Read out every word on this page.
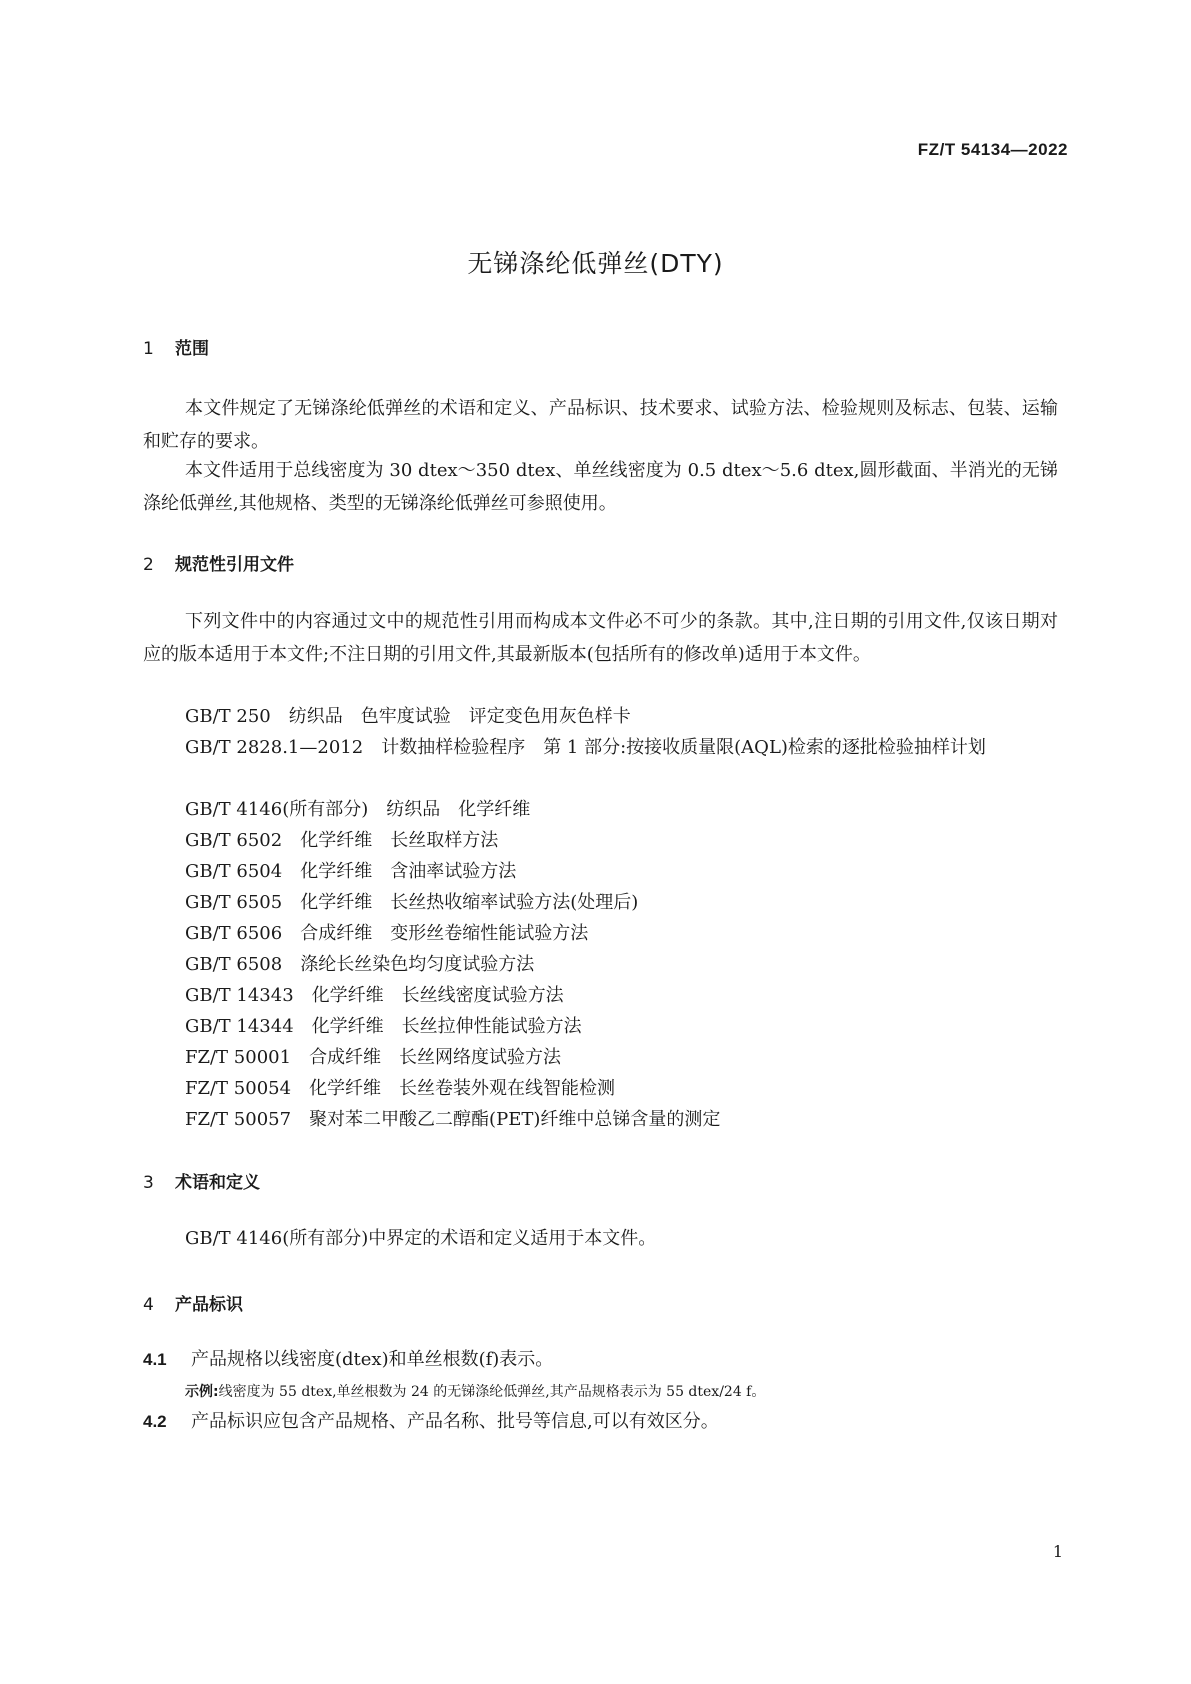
FZ/T 54134—2022
无锑涤纶低弹丝(DTY)
1 范围
本文件规定了无锑涤纶低弹丝的术语和定义、产品标识、技术要求、试验方法、检验规则及标志、包装、运输和贮存的要求。
本文件适用于总线密度为 30 dtex～350 dtex、单丝线密度为 0.5 dtex～5.6 dtex,圆形截面、半消光的无锑涤纶低弹丝,其他规格、类型的无锑涤纶低弹丝可参照使用。
2 规范性引用文件
下列文件中的内容通过文中的规范性引用而构成本文件必不可少的条款。其中,注日期的引用文件,仅该日期对应的版本适用于本文件;不注日期的引用文件,其最新版本(包括所有的修改单)适用于本文件。
GB/T 250 纺织品　色牢度试验　评定变色用灰色样卡
GB/T 2828.1—2012 计数抽样检验程序　第 1 部分:按接收质量限(AQL)检索的逐批检验抽样计划
GB/T 4146(所有部分) 纺织品　化学纤维
GB/T 6502 化学纤维　长丝取样方法
GB/T 6504 化学纤维　含油率试验方法
GB/T 6505 化学纤维　长丝热收缩率试验方法(处理后)
GB/T 6506 合成纤维　变形丝卷缩性能试验方法
GB/T 6508 涤纶长丝染色均匀度试验方法
GB/T 14343 化学纤维　长丝线密度试验方法
GB/T 14344 化学纤维　长丝拉伸性能试验方法
FZ/T 50001 合成纤维　长丝网络度试验方法
FZ/T 50054 化学纤维　长丝卷装外观在线智能检测
FZ/T 50057 聚对苯二甲酸乙二醇酯(PET)纤维中总锑含量的测定
3 术语和定义
GB/T 4146(所有部分)中界定的术语和定义适用于本文件。
4 产品标识
4.1 产品规格以线密度(dtex)和单丝根数(f)表示。
示例:线密度为 55 dtex,单丝根数为 24 的无锑涤纶低弹丝,其产品规格表示为 55 dtex/24 f。
4.2 产品标识应包含产品规格、产品名称、批号等信息,可以有效区分。
1
